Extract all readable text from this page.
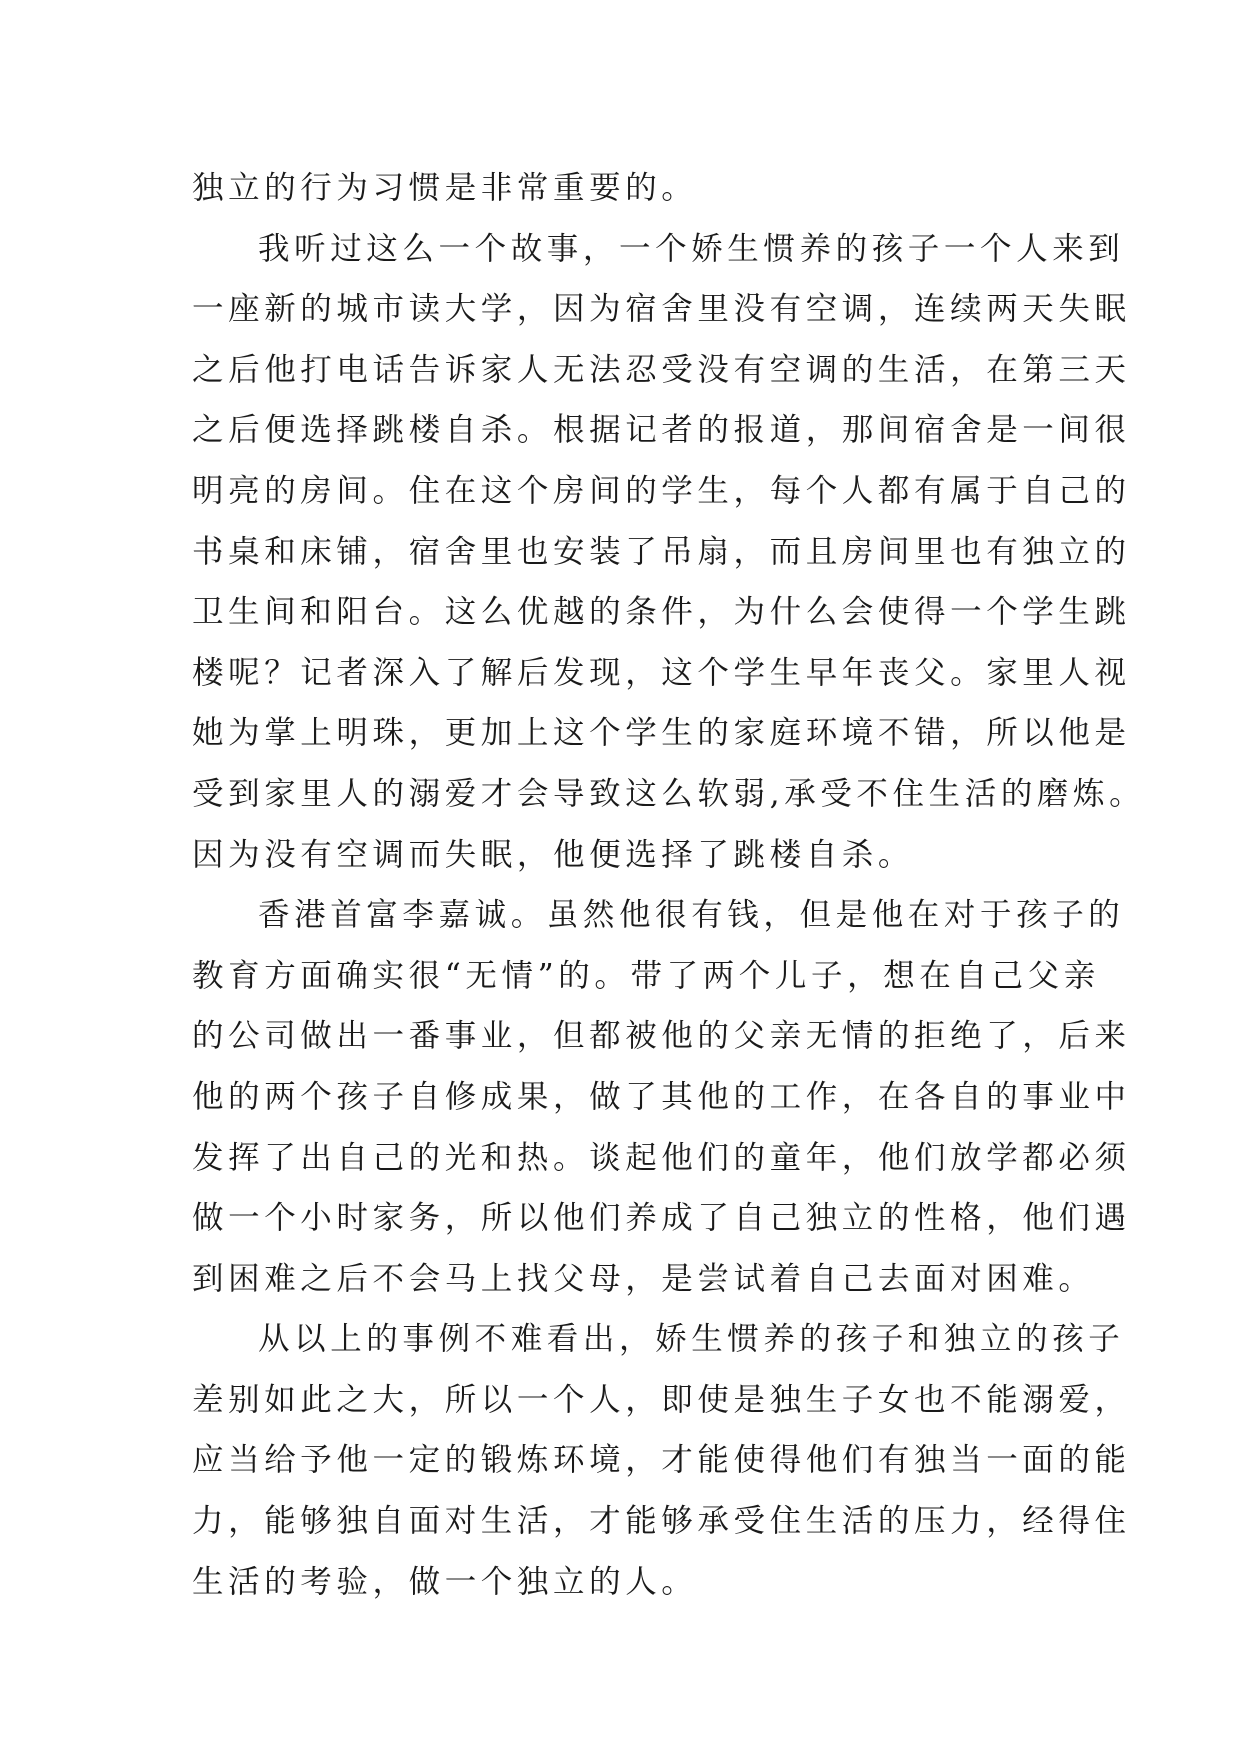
独立的行为习惯是非常重要的。
我听过这么一个故事，一个娇生惯养的孩子一个人来到
一座新的城市读大学，因为宿舍里没有空调，连续两天失眠
之后他打电话告诉家人无法忍受没有空调的生活，在第三天
之后便选择跳楼自杀。根据记者的报道，那间宿舍是一间很
明亮的房间。住在这个房间的学生，每个人都有属于自己的
书桌和床铺，宿舍里也安装了吊扇，而且房间里也有独立的
卫生间和阳台。这么优越的条件，为什么会使得一个学生跳
楼呢？记者深入了解后发现，这个学生早年丧父。家里人视
她为掌上明珠，更加上这个学生的家庭环境不错，所以他是
受到家里人的溺爱才会导致这么软弱,承受不住生活的磨炼。
因为没有空调而失眠，他便选择了跳楼自杀。
香港首富李嘉诚。虽然他很有钱，但是他在对于孩子的
教育方面确实很“无情”的。带了两个儿子，想在自己父亲
的公司做出一番事业，但都被他的父亲无情的拒绝了，后来
他的两个孩子自修成果，做了其他的工作，在各自的事业中
发挥了出自己的光和热。谈起他们的童年，他们放学都必须
做一个小时家务，所以他们养成了自己独立的性格，他们遇
到困难之后不会马上找父母，是尝试着自己去面对困难。
从以上的事例不难看出，娇生惯养的孩子和独立的孩子
差别如此之大，所以一个人，即使是独生子女也不能溺爱，
应当给予他一定的锻炼环境，才能使得他们有独当一面的能
力，能够独自面对生活，才能够承受住生活的压力，经得住
生活的考验，做一个独立的人。
